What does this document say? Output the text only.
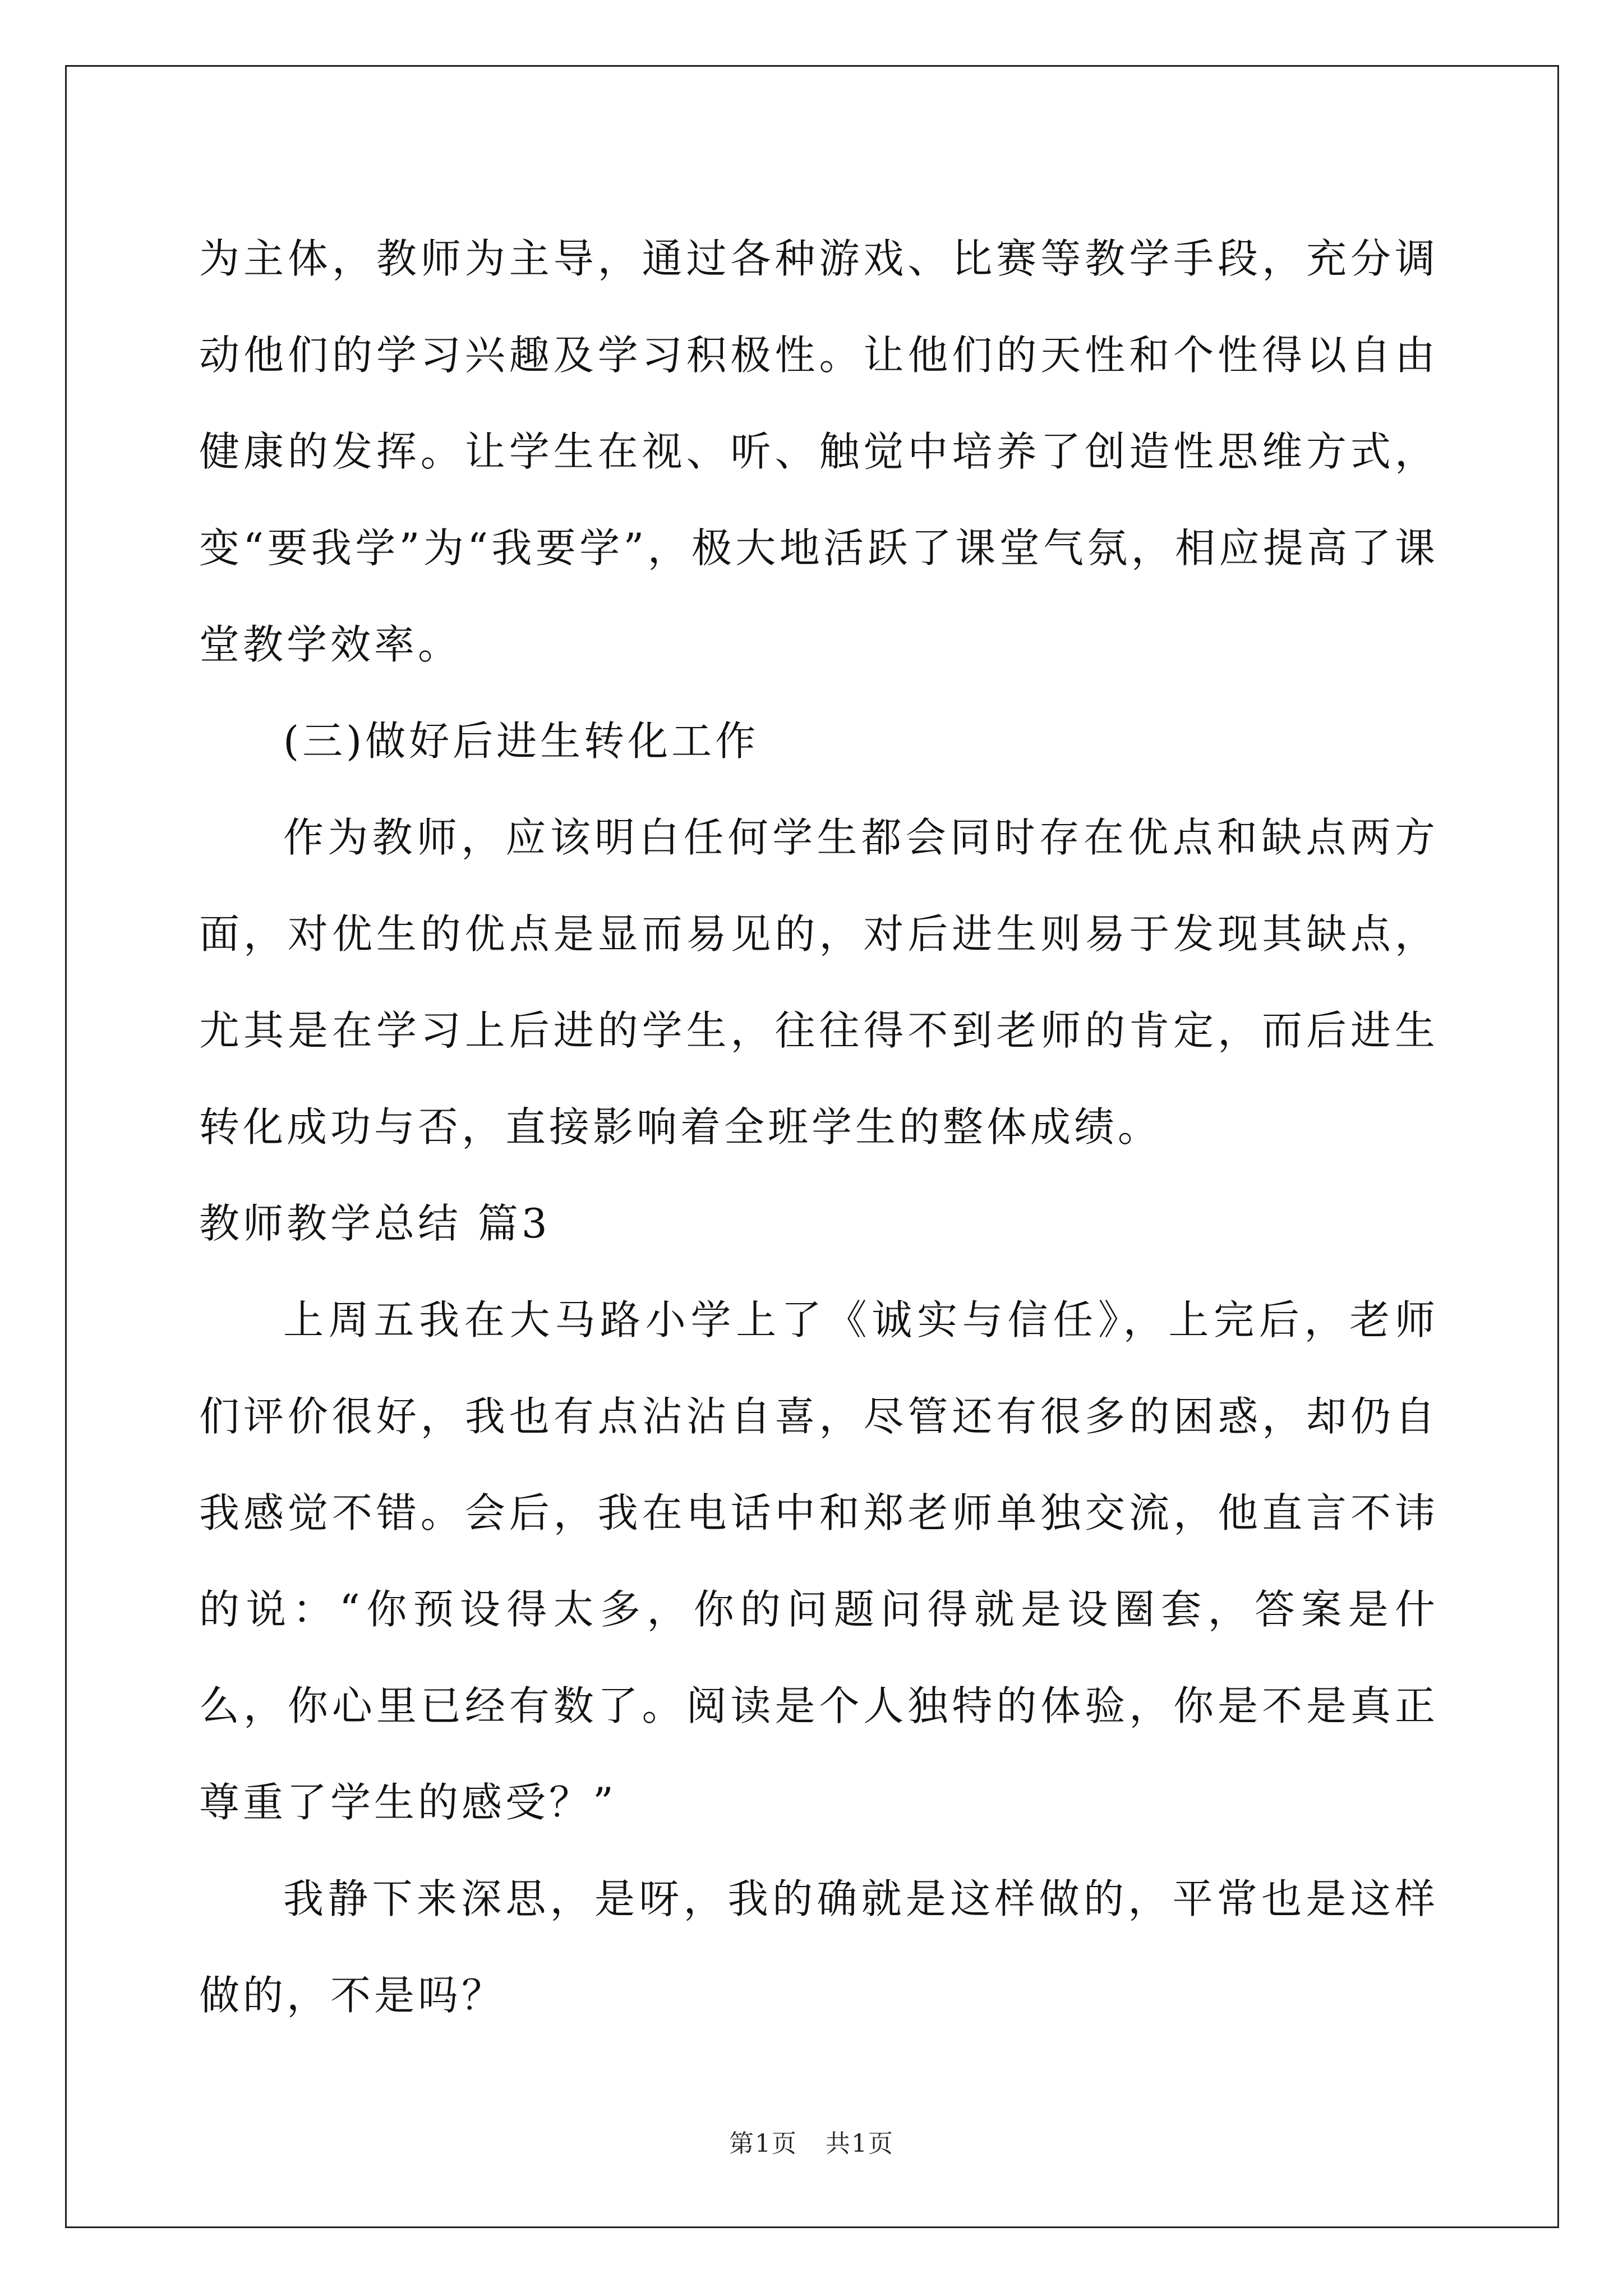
为主体，教师为主导，通过各种游戏、比赛等教学手段，充分调动他们的学习兴趣及学习积极性。让他们的天性和个性得以自由健康的发挥。让学生在视、听、触觉中培养了创造性思维方式，变“要我学”为“我要学”，极大地活跃了课堂气氛，相应提高了课堂教学效率。

(三)做好后进生转化工作

作为教师，应该明白任何学生都会同时存在优点和缺点两方面，对优生的优点是显而易见的，对后进生则易于发现其缺点，尤其是在学习上后进的学生，往往得不到老师的肯定，而后进生转化成功与否，直接影响着全班学生的整体成绩。

教师教学总结 篇3

上周五我在大马路小学上了《诚实与信任》，上完后，老师们评价很好，我也有点沾沾自喜，尽管还有很多的困惑，却仍自我感觉不错。会后，我在电话中和郑老师单独交流，他直言不讳的说：“你预设得太多，你的问题问得就是设圈套，答案是什么，你心里已经有数了。阅读是个人独特的体验，你是不是真正尊重了学生的感受？”

我静下来深思，是呀，我的确就是这样做的，平常也是这样做的，不是吗？

第1页 共1页
